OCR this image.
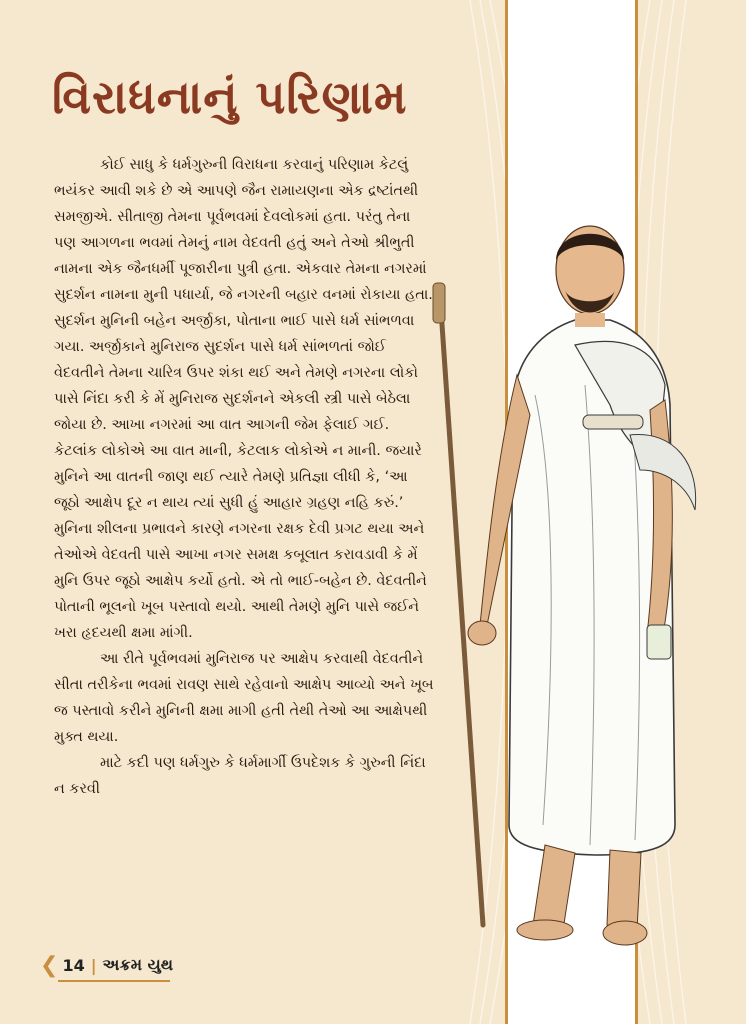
વિરાધનાનું પરિણામ

કોઈ સાધુ કે ધર્મગુરુની વિરાધના કરવાનું પરિણામ કેટલું ભયંકર આવી શકે છે એ આપણે જૈન રામાયણના એક દ્રષ્ટાંતથી સમજીએ. સીતાજી તેમના પૂર્વભવમાં દેવલોકમાં હતા. પરંતુ તેના પણ આગળના ભવમાં તેમનું નામ વેદવતી હતું અને તેઓ શ્રીભુતી નામના એક જૈનધર્મી પૂજારીના પુત્રી હતા. એકવાર તેમના નગરમાં સુદર્શન નામના મુની પધાર્યા, જે નગરની બહાર વનમાં રોકાયા હતા. સુદર્શન મુનિની બહેન અર્જીકા, પોતાના ભાઈ પાસે ધર્મ સાંભળવા ગયા. અર્જીકાને મુનિરાજ સુદર્શન પાસે ધર્મ સાંભળતાં જોઈ વેદવતીને તેમના ચારિત્ર ઉપર શંકા થઈ અને તેમણે નગરના લોકો પાસે નિંદા કરી કે મેં મુનિરાજ સુદર્શનને એકલી સ્ત્રી પાસે બેઠેલા જોયા છે. આખા નગરમાં આ વાત આગની જેમ ફેલાઈ ગઈ. કેટલાંક લોકોએ આ વાત માની, કેટલાક લોકોએ ન માની. જયારે મુનિને આ વાતની જાણ થઈ ત્યારે તેમણે પ્રતિજ્ઞા લીધી કે, ‘આ જૂઠો આક્ષેપ દૂર ન થાય ત્યાં સુધી હું આહાર ગ્રહણ નહિ કરું.’ મુનિના શીલના પ્રભાવને કારણે નગરના રક્ષક દેવી પ્રગટ થયા અને તેઓએ વેદવતી પાસે આખા નગર સમક્ષ કબૂલાત કરાવડાવી કે મેં મુનિ ઉપર જૂઠો આક્ષેપ કર્યો હતો. એ તો ભાઈ-બહેન છે. વેદવતીને પોતાની ભૂલનો ખૂબ પસ્તાવો થયો. આથી તેમણે મુનિ પાસે જઈને ખરા હૃદયથી ક્ષમા માંગી.

આ રીતે પૂર્વભવમાં મુનિરાજ પર આક્ષેપ કરવાથી વેદવતીને સીતા તરીકેના ભવમાં રાવણ સાથે રહેવાનો આક્ષેપ આવ્યો અને ખૂબ જ પસ્તાવો કરીને મુનિની ક્ષમા માગી હતી તેથી તેઓ આ આક્ષેપથી મુક્ત થયા.

માટે કદી પણ ધર્મગુરુ કે ધર્મમાર્ગી ઉપદેશક કે ગુરુની નિંદા ન કરવી

❮ 14 | અક્રમ યુથ
